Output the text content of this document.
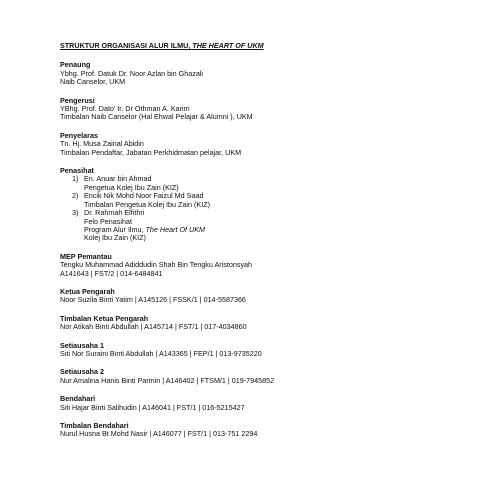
STRUKTUR ORGANISASI ALUR ILMU, THE HEART OF UKM
Penaung
Ybhg. Prof. Datuk Dr. Noor Azlan bin Ghazali
Naib Canselor, UKM
Pengerusi
YBhg. Prof. Dato' Ir. Dr Othman A. Karim
Timbalan Naib Canselor (Hal Ehwal Pelajar & Alumni ), UKM
Penyelaras
Tn. Hj. Musa Zainal Abidin
Timbalan Pendaftar, Jabatan Perkhidmatan pelajar, UKM
Penasihat
1) En. Anuar bin Ahmad
Pengetua Kolej Ibu Zain (KIZ)
2) Encik Nik Mohd Noor Faizul Md Saad
Timbalan Pengetua Kolej Ibu Zain (KIZ)
3) Dr. Rahmah Elfithri
Felo Penasihat
Program Alur Ilmu, The Heart Of UKM
Kolej Ibu Zain (KIZ)
MEP Pemantau
Tengku Muhammad Adiddudin Shah Bin Tengku Aristonsyah
A141643 | FST/2 | 014-6484841
Ketua Pengarah
Noor Suzila Binti Yatim | A145126 | FSSK/1 | 014-5587366
Timbalan Ketua Pengarah
Nor Atikah Binti Abdullah | A145714 | FST/1 | 017-4034860
Setiausaha 1
Siti Nor Suraini Binti Abdullah | A143365 | FEP/1 | 013-9735220
Setiausaha 2
Nur Amalina Hanis Binti Parmin | A146402 | FTSM/1 | 019-7945852
Bendahari
Siti Hajar Binti Salihudin | A146041 | FST/1 | 016-5215427
Timbalan Bendahari
Nurul Husna Bt Mohd Nasir | A146077 | FST/1 | 013-751 2294
